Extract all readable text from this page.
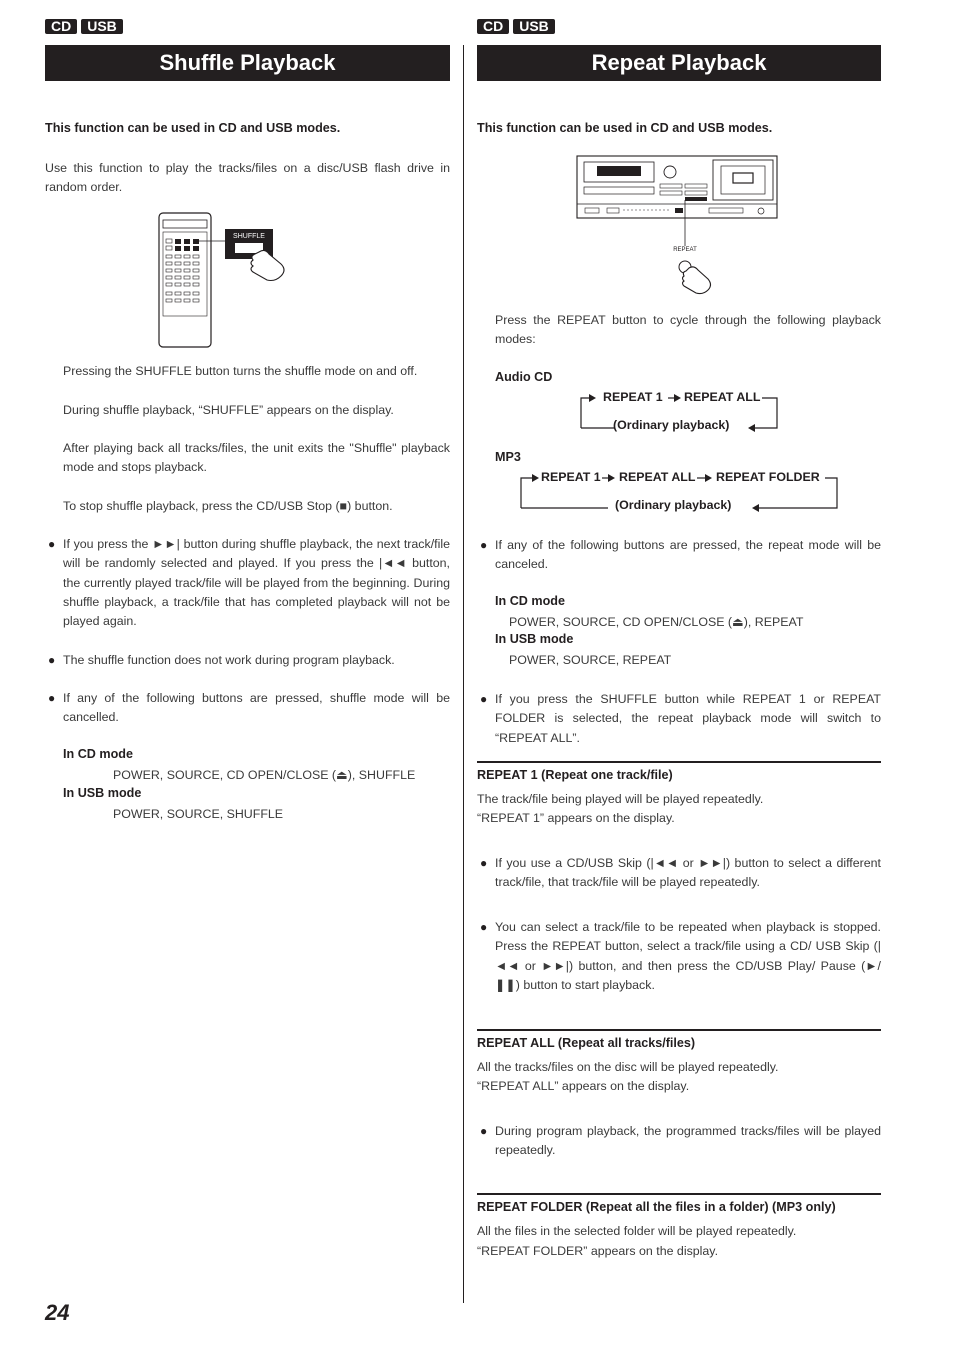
CD USB
Shuffle Playback

This function can be used in CD and USB modes.

Use this function to play the tracks/files on a disc/USB flash drive in random order.

SHUFFLE

Pressing the SHUFFLE button turns the shuffle mode on and off.

During shuffle playback, “SHUFFLE” appears on the display.

After playing back all tracks/files, the unit exits the "Shuffle" playback mode and stops playback.

To stop shuffle playback, press the CD/USB Stop (■) button.

● If you press the ►►| button during shuffle playback, the next track/file will be randomly selected and played. If you press the |◄◄ button, the currently played track/file will be played from the beginning. During shuffle playback, a track/file that has completed playback will not be played again.

● The shuffle function does not work during program playback.

● If any of the following buttons are pressed, shuffle mode will be cancelled.

In CD mode

POWER, SOURCE, CD OPEN/CLOSE (⏏), SHUFFLE

In USB mode

POWER, SOURCE, SHUFFLE

CD USB
Repeat Playback

This function can be used in CD and USB modes.

REPEAT

Press the REPEAT button to cycle through the following playback modes:

Audio CD

REPEAT 1 REPEAT ALL
(Ordinary playback)

MP3

REPEAT 1 REPEAT ALL REPEAT FOLDER
(Ordinary playback)
● If any of the following buttons are pressed, the repeat mode will be canceled.

In CD mode

POWER, SOURCE, CD OPEN/CLOSE (⏏), REPEAT

In USB mode

POWER, SOURCE, REPEAT

● If you press the SHUFFLE button while REPEAT 1 or REPEAT FOLDER is selected, the repeat playback mode will switch to “REPEAT ALL”.

REPEAT 1 (Repeat one track/file)

The track/file being played will be played repeatedly.

“REPEAT 1” appears on the display.

● If you use a CD/USB Skip (|◄◄ or ►►|) button to select a different track/file, that track/file will be played repeatedly.

● You can select a track/file to be repeated when playback is stopped. Press the REPEAT button, select a track/file using a CD/ USB Skip (|◄◄ or ►►|) button, and then press the CD/USB Play/ Pause (►/❚❚) button to start playback.

REPEAT ALL (Repeat all tracks/files)

All the tracks/files on the disc will be played repeatedly.

“REPEAT ALL” appears on the display.

● During program playback, the programmed tracks/files will be played repeatedly.

REPEAT FOLDER (Repeat all the files in a folder) (MP3 only)

All the files in the selected folder will be played repeatedly.

“REPEAT FOLDER” appears on the display.

24
